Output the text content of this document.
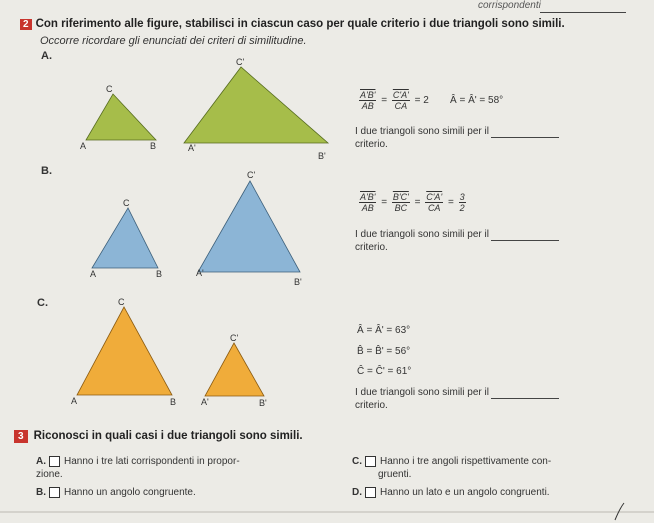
corrispondenti
2 Con riferimento alle figure, stabilisci in ciascun caso per quale criterio i due triangoli sono simili.
Occorre ricordare gli enunciati dei criteri di similitudine.
A.
A	B
C
A'
B'
C'
$\frac{A'B'}{AB} = \frac{C'A'}{CA} = 2$ Â = Â' = 58°
I due triangoli sono simili per il
criterio.
B.
A	B
C
A'
B'
C'
$\frac{A'B'}{AB} = \frac{B'C'}{BC} = \frac{C'A'}{CA} = \frac{3}{2}$
I due triangoli sono simili per il
criterio.
C.
A	B
C
A'	B'
C'
Â = Â' = 63°
B̂ = B̂' = 56°
Ĉ = Ĉ' = 61°
I due triangoli sono simili per il
criterio.
3 Riconosci in quali casi i due triangoli sono simili.
A. Hanno i tre lati corrispondenti in propor-
zione.
B. Hanno un angolo congruente.
C. Hanno i tre angoli rispettivamente con-
gruenti.
D. Hanno un lato e un angolo congruenti.
